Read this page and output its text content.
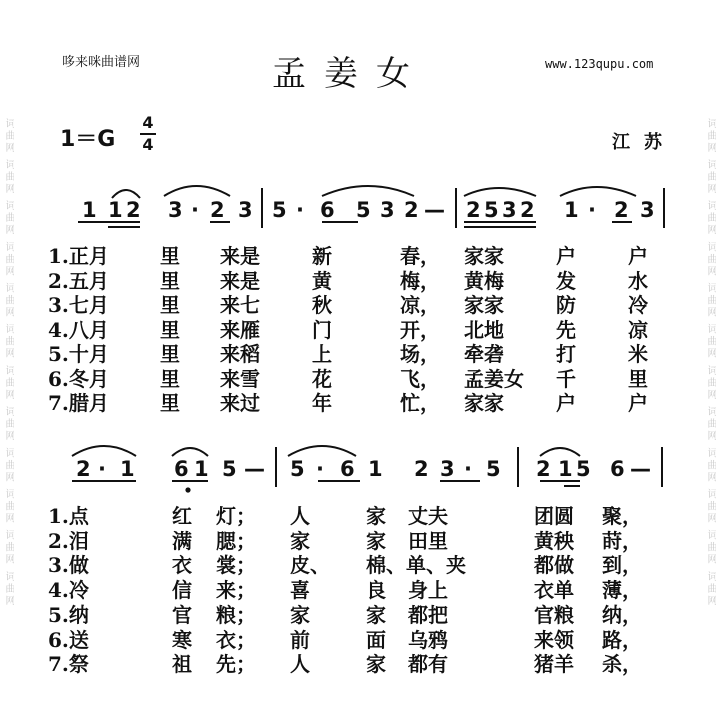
词曲网 词曲网 词曲网 词曲网 词曲网 词曲网 词曲网 词曲网 词曲网 词曲网 词曲网 词曲网
词曲网 词曲网 词曲网 词曲网 词曲网 词曲网 词曲网 词曲网 词曲网 词曲网 词曲网 词曲网
哆来咪曲谱网	孟姜女	www.123qupu.com
1＝G
4
4	江苏
1 1 2 3 · 2 3 5 · 6 5 3 2 — 2 5 3 2 1 · 2 3
1.正月	里 来是	新	春， 家家	户	户
2.五月	里 来是	黄	梅， 黄梅	发	水
3.七月	里 来七	秋	凉， 家家	防	冷
4.八月	里 来雁	门	开， 北地	先	凉
5.十月	里 来稻	上	场， 牵砻	打	米
6.冬月	里 来雪	花	飞， 孟姜女 千	里
7.腊月	里 来过	年	忙， 家家	户	户
2 · 1 6 1 5 — 5 · 6 1 2 3 · 5 2 1 5 6 —
1.点	红 灯； 人	家 丈夫	团圆 聚，
2.泪	满 腮； 家	家 田里	黄秧 莳，
3.做	衣 裳； 皮、 棉、单、夹	都做 到，
4.冷	信 来； 喜	良 身上	衣单 薄，
5.纳	官 粮； 家	家 都把	官粮 纳，
6.送	寒 衣； 前	面 乌鸦	来领 路，
7.祭	祖 先； 人	家 都有	猪羊 杀，
